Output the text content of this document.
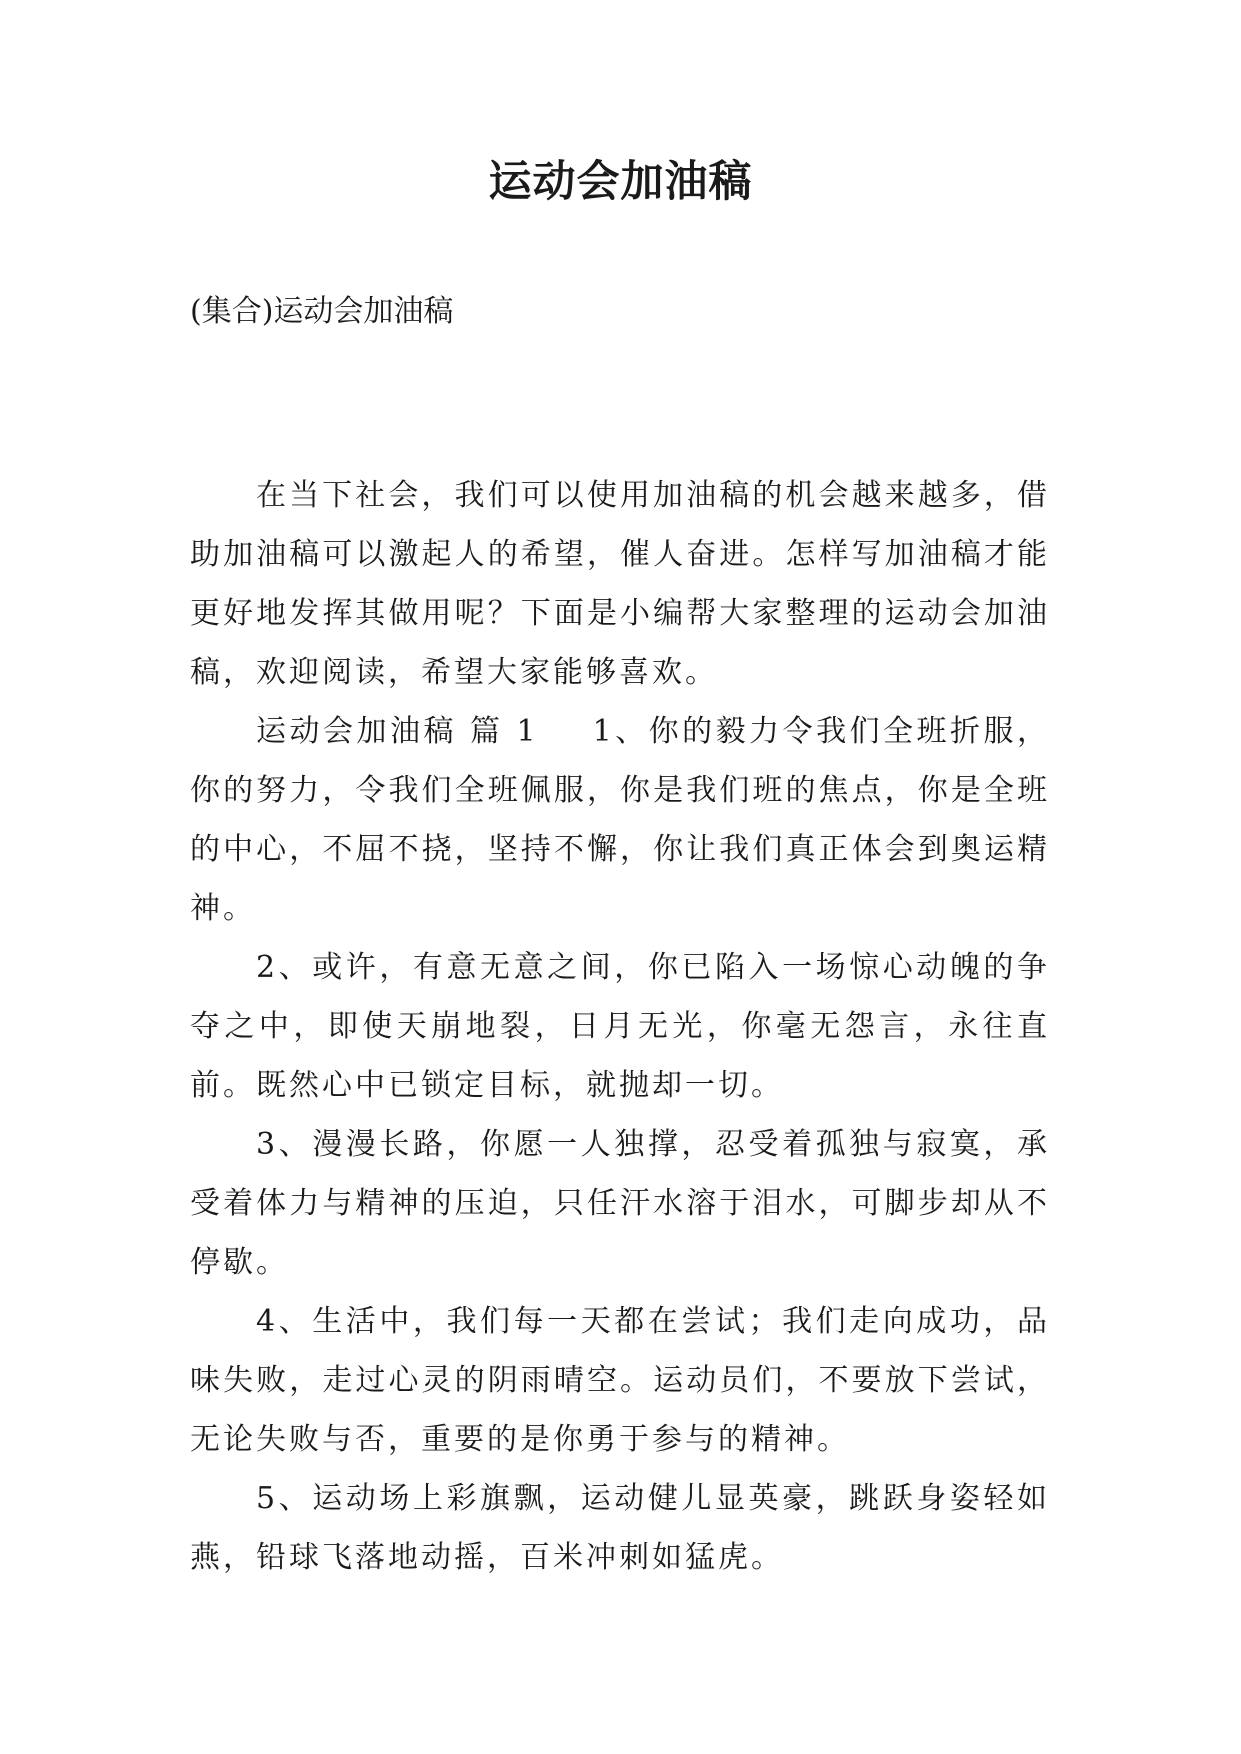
运动会加油稿

(集合)运动会加油稿

在当下社会，我们可以使用加油稿的机会越来越多，借助加油稿可以激起人的希望，催人奋进。怎样写加油稿才能更好地发挥其做用呢？下面是小编帮大家整理的运动会加油稿，欢迎阅读，希望大家能够喜欢。

运动会加油稿 篇 1 1、你的毅力令我们全班折服，你的努力，令我们全班佩服，你是我们班的焦点，你是全班的中心，不屈不挠，坚持不懈，你让我们真正体会到奥运精神。

2、或许，有意无意之间，你已陷入一场惊心动魄的争夺之中，即使天崩地裂，日月无光，你毫无怨言，永往直前。既然心中已锁定目标，就抛却一切。

3、漫漫长路，你愿一人独撑，忍受着孤独与寂寞，承受着体力与精神的压迫，只任汗水溶于泪水，可脚步却从不停歇。

4、生活中，我们每一天都在尝试；我们走向成功，品味失败，走过心灵的阴雨晴空。运动员们，不要放下尝试，无论失败与否，重要的是你勇于参与的精神。

5、运动场上彩旗飘，运动健儿显英豪，跳跃身姿轻如燕，铅球飞落地动摇，百米冲刺如猛虎。
